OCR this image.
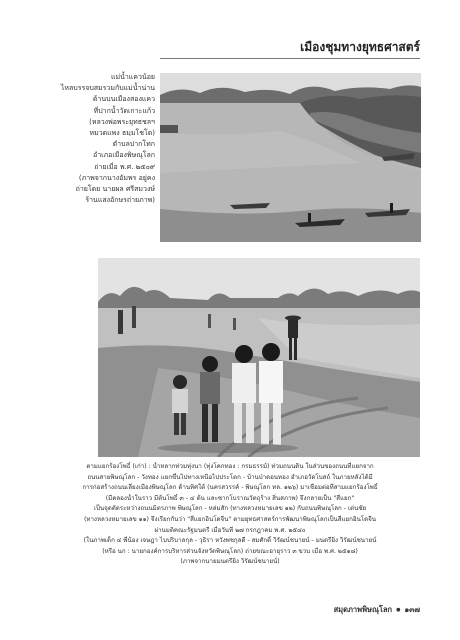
เมืองชุมทางยุทธศาสตร์
แม่น้ำแควน้อย
ไหลบรรจบสมรวมกับแม่น้ำน่าน
ด้านบนเมืองสองแคว
ที่ปากน้ำวัดเกาะแก้ว
(หลวงพ่อพระยุทธชลฯ
หมวดแพง ธมฺมโชโต)
ตำบลปากโทก
อำเภอเมืองพิษณุโลก
ถ่ายเมื่อ พ.ศ. ๒๕๐๙
(ภาพจากนางอัมพร อยู่คง
ถ่ายโดย นายผล ศรีสมวงษ์
ร้านแสงอักษรถ่ายภาพ)
ตามแยกร้องโพธิ์ (เก่า) : น้ำหลากท่วมทุ่งนา (ทุ่งโคกทอง : กรมธรรม์) ท่วมถนนดิน ในส่วนของถนนที่แยกจาก
ถนนสายพิษณุโลก - วังทอง แยกขึ้นไปทางเหนือไปประโดก - บ้านป่าดอนทอง อำเภอวัดโบสถ์ ในภายหลังได้มี
การก่อสร้างถนนเลี่ยงเมืองพิษณุโลก ด้านทิศใต้ (นครสวรรค์ - พิษณุโลก ทล. ๑๒๖) มาเชื่อมต่อที่สามแยกร้องโพธิ์
(มีคลองน้ำในราว มีต้นโพธิ์ ๓ - ๔ ต้น และซากโบราณวัตถุร้าง สิ่นสภาพ) จึงกลายเป็น "สี่แยก"
เป็นจุดตัดระหว่างถนนมิตรภาพ พิษณุโลก - หล่มสัก (ทางหลวงหมายเลข ๑๒) กับถนนพิษณุโลก - เด่นชัย
(ทางหลวงหมายเลข ๑๑) จึงเรียกกันว่า "สี่แยกอินโดจีน" ตามยุทธศาสตร์การพัฒนาพิษณุโลกเป็นสี่แยกอินโดจีน
ผ่านมติคณะรัฐมนตรี เมื่อวันที่ ๒๗ กรกฎาคม พ.ศ. ๒๕๔๐
(ในภาพเด็ก ๔ พี่น้อง เจษฎา ไบปริบาลกุล - วุธิรา หวังพชกุลดี - สมศักดิ์ วิรัฒน์ชนายน์ - มนตรียิ่ง วิรัฒน์ชนายน์
(หรือ นก : นายกองค์การบริหารส่วนจังหวัดพิษณุโลก) ถ่ายขณะอายุราว ๓ ขวบ เมื่อ พ.ศ. ๒๕๑๘)
(ภาพจากนายมนตรียิ่ง วิรัฒน์ชนายน์)
สมุดภาพพิษณุโลก ● ๑๓๗
